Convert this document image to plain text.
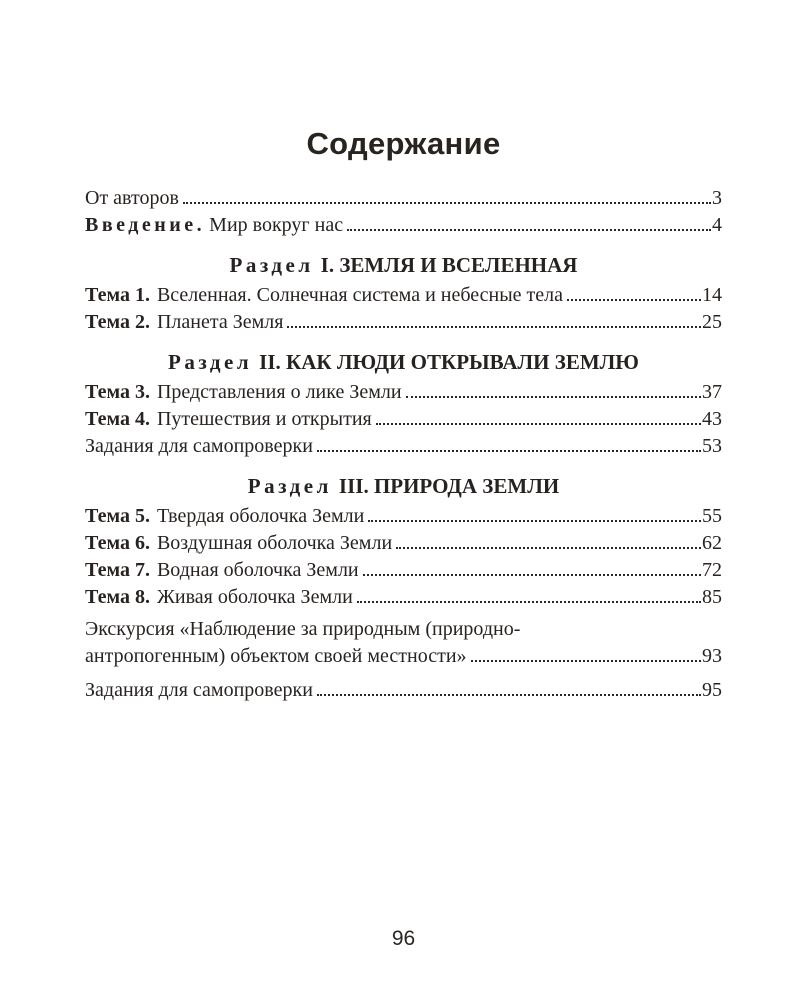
Содержание
От авторов	3
Введение. Мир вокруг нас	4
Раздел I. ЗЕМЛЯ И ВСЕЛЕННАЯ
Тема 1. Вселенная. Солнечная система и небесные тела	14
Тема 2. Планета Земля	25
Раздел II. КАК ЛЮДИ ОТКРЫВАЛИ ЗЕМЛЮ
Тема 3. Представления о лике Земли	37
Тема 4. Путешествия и открытия	43
Задания для самопроверки	53
Раздел III. ПРИРОДА ЗЕМЛИ
Тема 5. Твердая оболочка Земли	55
Тема 6. Воздушная оболочка Земли	62
Тема 7. Водная оболочка Земли	72
Тема 8. Живая оболочка Земли	85
Экскурсия «Наблюдение за природным (природно-
антропогенным) объектом своей местности»	93
Задания для самопроверки	95
96
